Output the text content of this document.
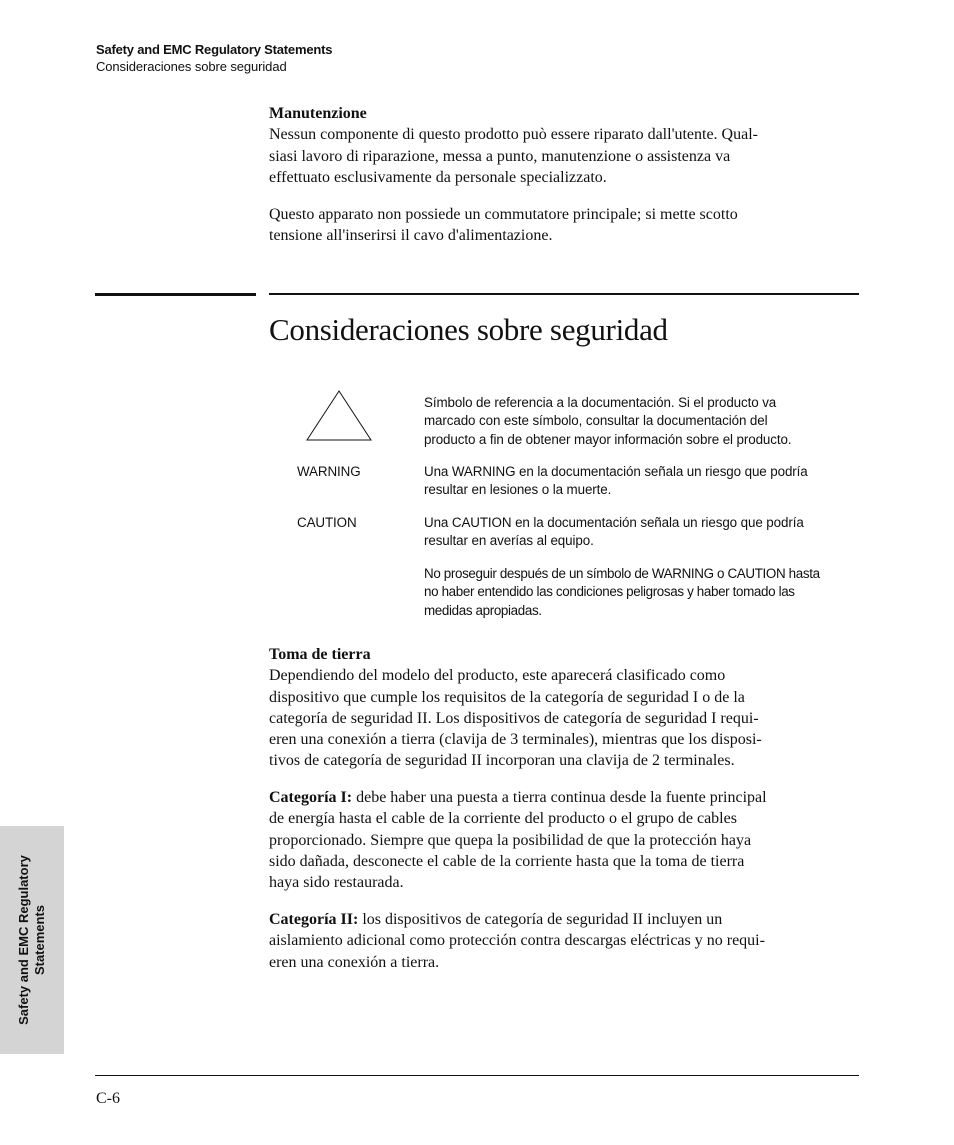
Safety and EMC Regulatory Statements
Consideraciones sobre seguridad
Manutenzione

Nessun componente di questo prodotto può essere riparato dall'utente. Qual-
siasi lavoro di riparazione, messa a punto, manutenzione o assistenza va
effettuato esclusivamente da personale specializzato.

Questo apparato non possiede un commutatore principale; si mette scotto
tensione all'inserirsi il cavo d'alimentazione.

Consideraciones sobre seguridad
Símbolo de referencia a la documentación. Si el producto va
marcado con este símbolo, consultar la documentación del
producto a fin de obtener mayor información sobre el producto.
WARNING	Una WARNING en la documentación señala un riesgo que podría
resultar en lesiones o la muerte.
CAUTION	Una CAUTION en la documentación señala un riesgo que podría
resultar en averías al equipo.
No proseguir después de un símbolo de WARNING o CAUTION hasta
no haber entendido las condiciones peligrosas y haber tomado las
medidas apropiadas.
Toma de tierra

Dependiendo del modelo del producto, este aparecerá clasificado como
dispositivo que cumple los requisitos de la categoría de seguridad I o de la
categoría de seguridad II. Los dispositivos de categoría de seguridad I requi-
eren una conexión a tierra (clavija de 3 terminales), mientras que los disposi-
tivos de categoría de seguridad II incorporan una clavija de 2 terminales.

Categoría I: debe haber una puesta a tierra continua desde la fuente principal
de energía hasta el cable de la corriente del producto o el grupo de cables
proporcionado. Siempre que quepa la posibilidad de que la protección haya
sido dañada, desconecte el cable de la corriente hasta que la toma de tierra
haya sido restaurada.

Categoría II: los dispositivos de categoría de seguridad II incluyen un
aislamiento adicional como protección contra descargas eléctricas y no requi-
eren una conexión a tierra.

Safety and EMC Regulatory
Statements
C-6
